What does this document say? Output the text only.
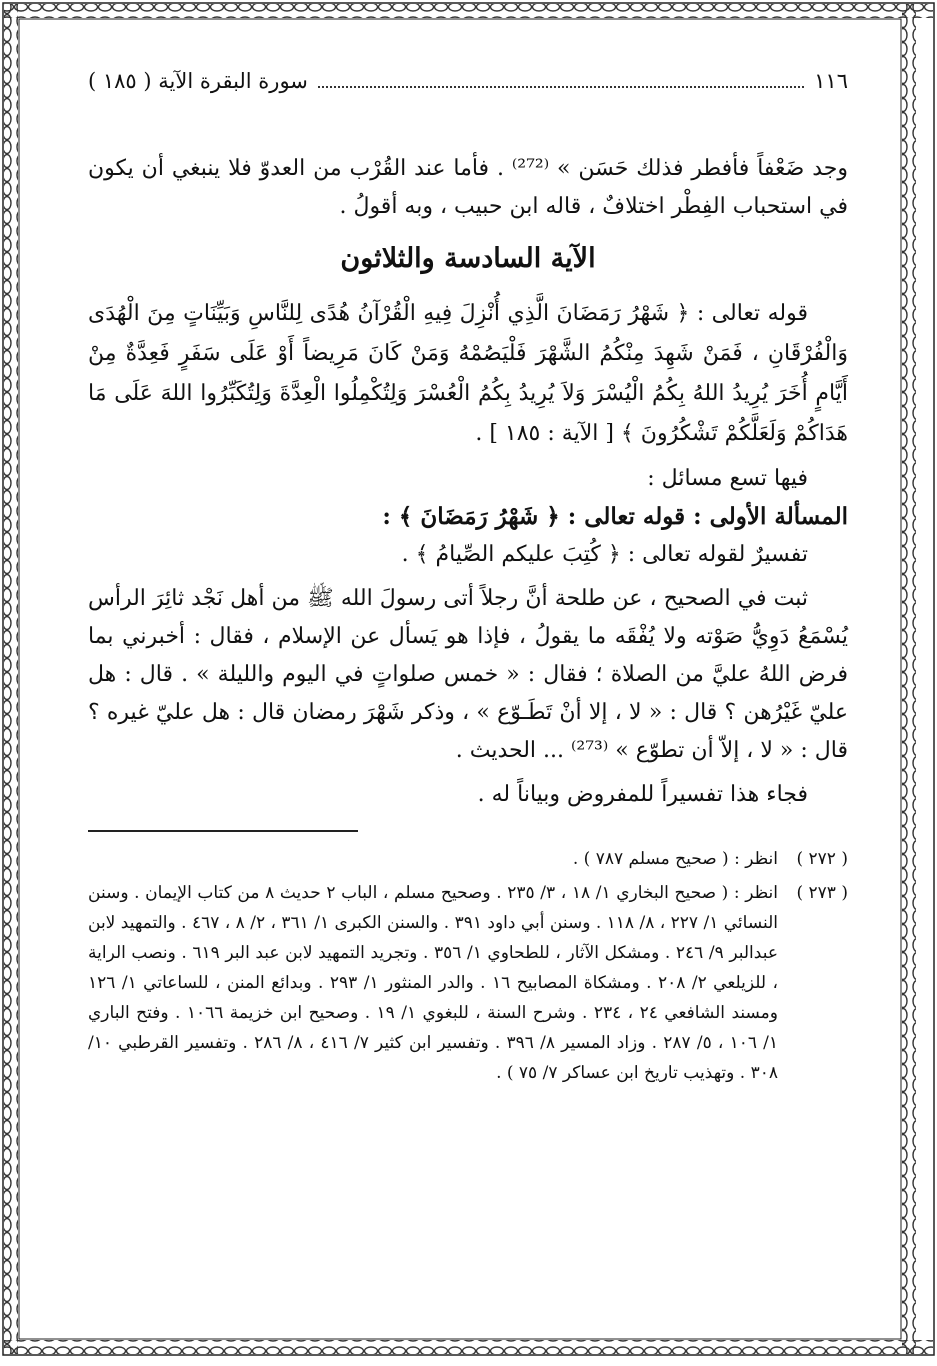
١١٦
سورة البقرة الآية ( ١٨٥ )

وجد ضَعْفاً فأفطر فذلك حَسَن » ⁽²⁷²⁾ . فأما عند القُرْب من العدوّ فلا ينبغي أن يكون في استحباب الفِطْر اختلافٌ ، قاله ابن حبيب ، وبه أقولُ .

الآية السادسة والثلاثون

قوله تعالى : ﴿ شَهْرُ رَمَضَانَ الَّذِي أُنْزِلَ فِيهِ الْقُرْآنُ هُدًى لِلنَّاسِ وَبَيِّنَاتٍ مِنَ الْهُدَى وَالْفُرْقَانِ ، فَمَنْ شَهِدَ مِنْكُمُ الشَّهْرَ فَلْيَصُمْهُ وَمَنْ كَانَ مَرِيضاً أَوْ عَلَى سَفَرٍ فَعِدَّةٌ مِنْ أَيَّامٍ أُخَرَ يُرِيدُ اللهُ بِكُمُ الْيُسْرَ وَلاَ يُرِيدُ بِكُمُ الْعُسْرَ وَلِتُكْمِلُوا الْعِدَّةَ وَلِتُكَبِّرُوا اللهَ عَلَى مَا هَدَاكُمْ وَلَعَلَّكُمْ تَشْكُرُونَ ﴾ [ الآية : ١٨٥ ] .

فيها تسع مسائل :

المسألة الأولى : قوله تعالى : ﴿ شَهْرُ رَمَضَانَ ﴾ :

تفسيرٌ لقوله تعالى : ﴿ كُتِبَ عليكم الصِّيامُ ﴾ .

ثبت في الصحيح ، عن طلحة أنَّ رجلاً أتى رسولَ الله ﷺ من أهل نَجْد ثائِرَ الرأس يُسْمَعُ دَوِيُّ صَوْته ولا يُفْقَه ما يقولُ ، فإذا هو يَسأل عن الإسلام ، فقال : أخبرني بما فرض اللهُ عليَّ من الصلاة ؛ فقال : « خمس صلواتٍ في اليوم والليلة » . قال : هل عليّ غَيْرُهن ؟ قال : « لا ، إلا أنْ تَطَـوّع » ، وذكر شَهْرَ رمضان قال : هل عليّ غيره ؟ قال : « لا ، إلاّ أن تطوّع » ⁽²⁷³⁾ ... الحديث .

فجاء هذا تفسيراً للمفروض وبياناً له .

( ٢٧٢ )
انظر : ( صحيح مسلم ٧٨٧ ) .
( ٢٧٣ )
انظر : ( صحيح البخاري ١/ ١٨ ، ٣/ ٢٣٥ . وصحيح مسلم ، الباب ٢ حديث ٨ من كتاب الإيمان . وسنن النسائي ١/ ٢٢٧ ، ٨/ ١١٨ . وسنن أبي داود ٣٩١ . والسنن الكبرى ١/ ٣٦١ ، ٢/ ٨ ، ٤٦٧ . والتمهيد لابن عبدالبر ٩/ ٢٤٦ . ومشكل الآثار ، للطحاوي ١/ ٣٥٦ . وتجريد التمهيد لابن عبد البر ٦١٩ . ونصب الراية ، للزيلعي ٢/ ٢٠٨ . ومشكاة المصابيح ١٦ . والدر المنثور ١/ ٢٩٣ . وبدائع المنن ، للساعاتي ١/ ١٢٦ ومسند الشافعي ٢٤ ، ٢٣٤ . وشرح السنة ، للبغوي ١/ ١٩ . وصحيح ابن خزيمة ١٠٦٦ . وفتح الباري ١/ ١٠٦ ، ٥/ ٢٨٧ . وزاد المسير ٨/ ٣٩٦ . وتفسير ابن كثير ٧/ ٤١٦ ، ٨/ ٢٨٦ . وتفسير القرطبي ١٠/ ٣٠٨ . وتهذيب تاريخ ابن عساكر ٧/ ٧٥ ) .
